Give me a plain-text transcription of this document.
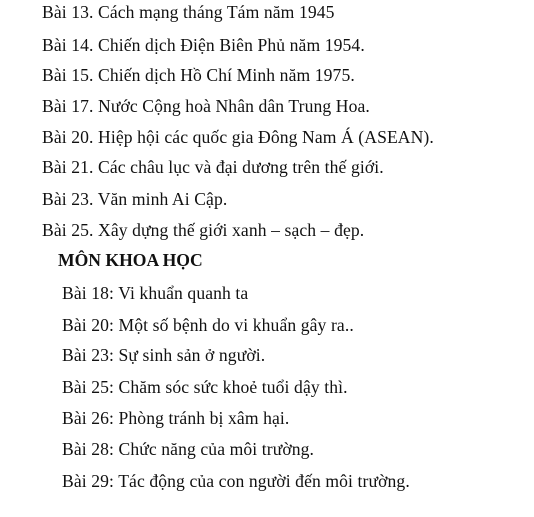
Bài 13. Cách mạng tháng Tám năm 1945
Bài 14. Chiến dịch Điện Biên Phủ năm 1954.
Bài 15. Chiến dịch Hồ Chí Minh năm 1975.
Bài 17. Nước Cộng hoà Nhân dân Trung Hoa.
Bài 20. Hiệp hội các quốc gia Đông Nam Á (ASEAN).
Bài 21. Các châu lục và đại dương trên thế giới.
Bài 23. Văn minh Ai Cập.
Bài 25. Xây dựng thế giới xanh – sạch – đẹp.
MÔN KHOA HỌC
Bài 18: Vi khuẩn quanh ta
Bài 20: Một số bệnh do vi khuẩn gây ra..
Bài 23: Sự sinh sản ở người.
Bài 25: Chăm sóc sức khoẻ tuổi dậy thì.
Bài 26: Phòng tránh bị xâm hại.
Bài 28: Chức năng của môi trường.
Bài 29: Tác động của con người đến môi trường.
